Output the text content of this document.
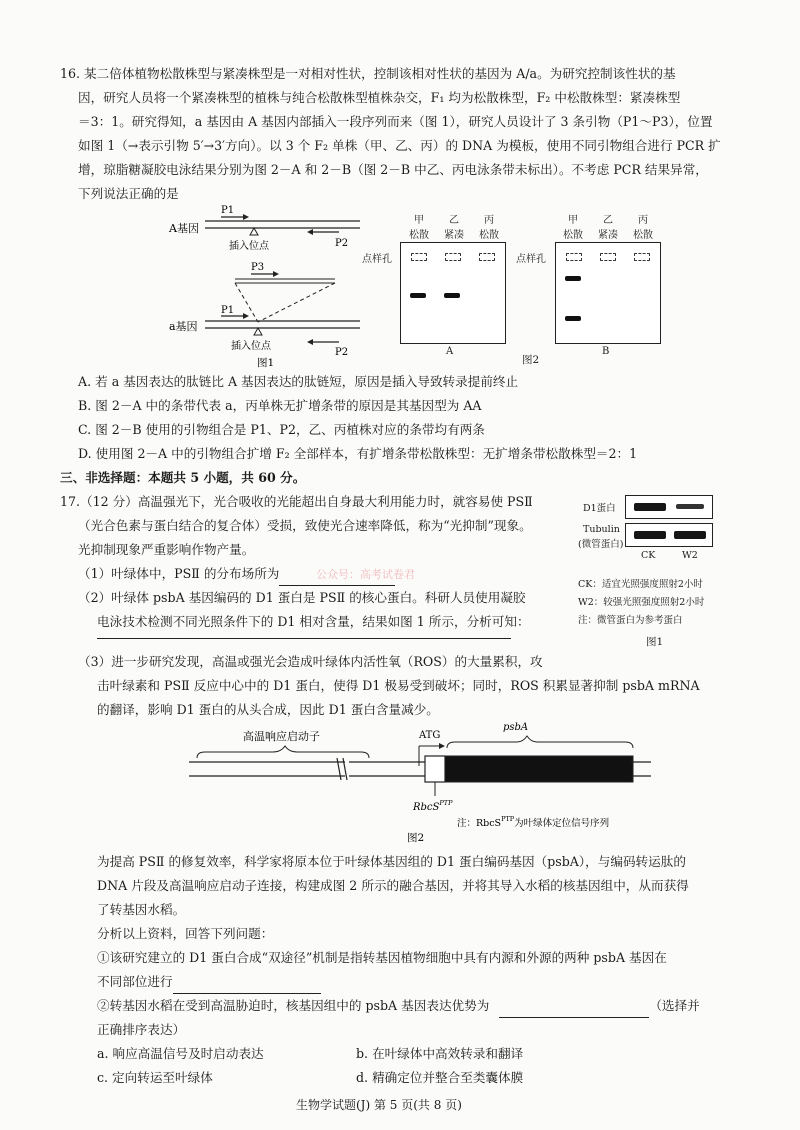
16. 某二倍体植物松散株型与紧凑株型是一对相对性状，控制该相对性状的基因为 A/a。为研究控制该性状的基
因，研究人员将一个紧凑株型的植株与纯合松散株型植株杂交，F₁ 均为松散株型，F₂ 中松散株型：紧凑株型
＝3：1。研究得知，a 基因由 A 基因内部插入一段序列而来（图 1），研究人员设计了 3 条引物（P1～P3），位置
如图 1（→表示引物 5′→3′方向）。以 3 个 F₂ 单株（甲、乙、丙）的 DNA 为模板，使用不同引物组合进行 PCR 扩
增，琼脂糖凝胶电泳结果分别为图 2－A 和 2－B（图 2－B 中乙、丙电泳条带未标出）。不考虑 PCR 结果异常，
下列说法正确的是
A基因
P1
插入位点	P2
P3
P1
a基因
插入位点
P2
图1
甲
松散
乙
紧凑
丙
松散
点样孔
A
甲
松散
乙
紧凑
丙
松散
点样孔
B
图2
A. 若 a 基因表达的肽链比 A 基因表达的肽链短，原因是插入导致转录提前终止
B. 图 2－A 中的条带代表 a，丙单株无扩增条带的原因是其基因型为 AA
C. 图 2－B 使用的引物组合是 P1、P2，乙、丙植株对应的条带均有两条
D. 使用图 2－A 中的引物组合扩增 F₂ 全部样本，有扩增条带松散株型：无扩增条带松散株型＝2：1
三、非选择题：本题共 5 小题，共 60 分。
17.（12 分）高温强光下，光合吸收的光能超出自身最大利用能力时，就容易使 PSⅡ
（光合色素与蛋白结合的复合体）受损，致使光合速率降低，称为“光抑制”现象。
光抑制现象严重影响作物产量。
（1）叶绿体中，PSⅡ 的分布场所为	公众号：高考试卷君
（2）叶绿体 psbA 基因编码的 D1 蛋白是 PSⅡ 的核心蛋白。科研人员使用凝胶
电泳技术检测不同光照条件下的 D1 相对含量，结果如图 1 所示，分析可知：
D1蛋白
Tubulin
(微管蛋白)
CK	W2
CK：适宜光照强度照射2小时
W2：较强光照强度照射2小时
注：微管蛋白为参考蛋白
图1
（3）进一步研究发现，高温或强光会造成叶绿体内活性氧（ROS）的大量累积，攻
击叶绿素和 PSⅡ 反应中心中的 D1 蛋白，使得 D1 极易受到破坏；同时，ROS 积累显著抑制 psbA mRNA
的翻译，影响 D1 蛋白的从头合成，因此 D1 蛋白含量减少。
高温响应启动子	ATG
psbA
RbcS$^{PTP}$
注：RbcS$^{PTP}$为叶绿体定位信号序列
图2
为提高 PSⅡ 的修复效率，科学家将原本位于叶绿体基因组的 D1 蛋白编码基因（psbA），与编码转运肽的
DNA 片段及高温响应启动子连接，构建成图 2 所示的融合基因，并将其导入水稻的核基因组中，从而获得
了转基因水稻。
分析以上资料，回答下列问题：
①该研究建立的 D1 蛋白合成“双途径”机制是指转基因植物细胞中具有内源和外源的两种 psbA 基因在
不同部位进行
②转基因水稻在受到高温胁迫时，核基因组中的 psbA 基因表达优势为	（选择并
正确排序表达）
a. 响应高温信号及时启动表达	b. 在叶绿体中高效转录和翻译
c. 定向转运至叶绿体	d. 精确定位并整合至类囊体膜
生物学试题(J) 第 5 页(共 8 页)
